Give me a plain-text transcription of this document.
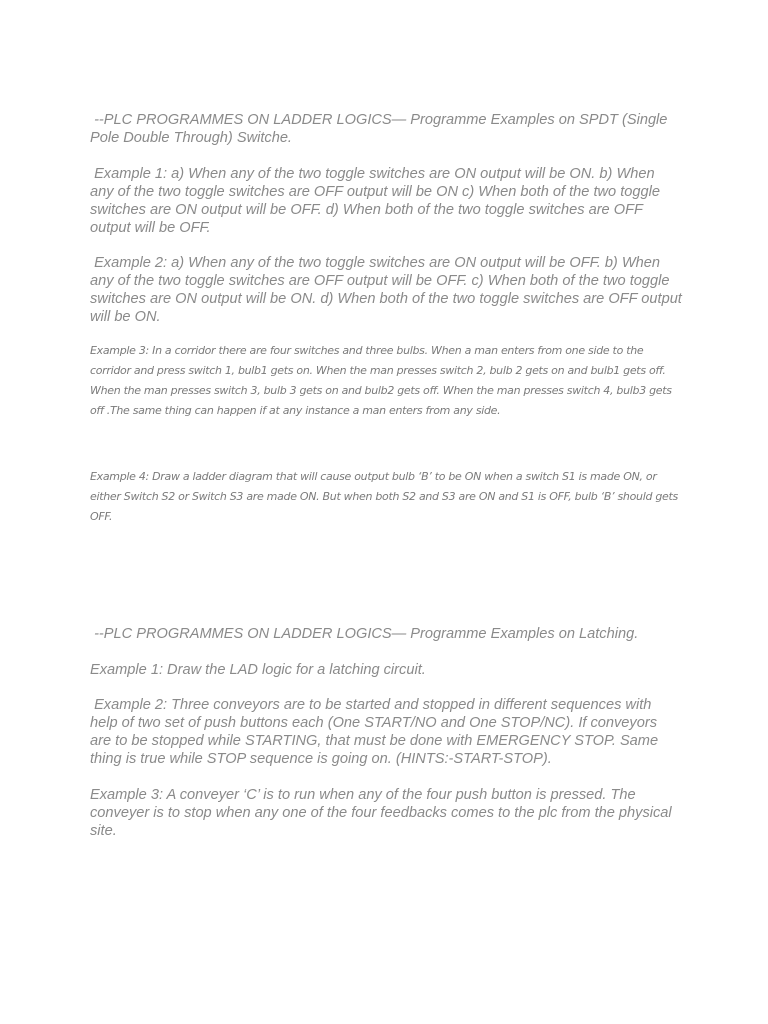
--PLC PROGRAMMES ON LADDER LOGICS— Programme Examples on SPDT (Single Pole Double Through) Switche.

Example 1: a) When any of the two toggle switches are ON output will be ON. b) When any of the two toggle switches are OFF output will be ON c) When both of the two toggle switches are ON output will be OFF. d) When both of the two toggle switches are OFF output will be OFF.

Example 2: a) When any of the two toggle switches are ON output will be OFF. b) When any of the two toggle switches are OFF output will be OFF. c) When both of the two toggle switches are ON output will be ON. d) When both of the two toggle switches are OFF output will be ON.

Example 3: In a corridor there are four switches and three bulbs. When a man enters from one side to the corridor and press switch 1, bulb1 gets on. When the man presses switch 2, bulb 2 gets on and bulb1 gets off. When the man presses switch 3, bulb 3 gets on and bulb2 gets off. When the man presses switch 4, bulb3 gets off .The same thing can happen if at any instance a man enters from any side.

Example 4: Draw a ladder diagram that will cause output bulb ‘B’ to be ON when a switch S1 is made ON, or either Switch S2 or Switch S3 are made ON. But when both S2 and S3 are ON and S1 is OFF, bulb ‘B’ should gets OFF.

--PLC PROGRAMMES ON LADDER LOGICS— Programme Examples on Latching.

Example 1: Draw the LAD logic for a latching circuit.

Example 2: Three conveyors are to be started and stopped in different sequences with help of two set of push buttons each (One START/NO and One STOP/NC). If conveyors are to be stopped while STARTING, that must be done with EMERGENCY STOP. Same thing is true while STOP sequence is going on. (HINTS:-START-STOP).

Example 3: A conveyer ‘C’ is to run when any of the four push button is pressed. The conveyer is to stop when any one of the four feedbacks comes to the plc from the physical site.
